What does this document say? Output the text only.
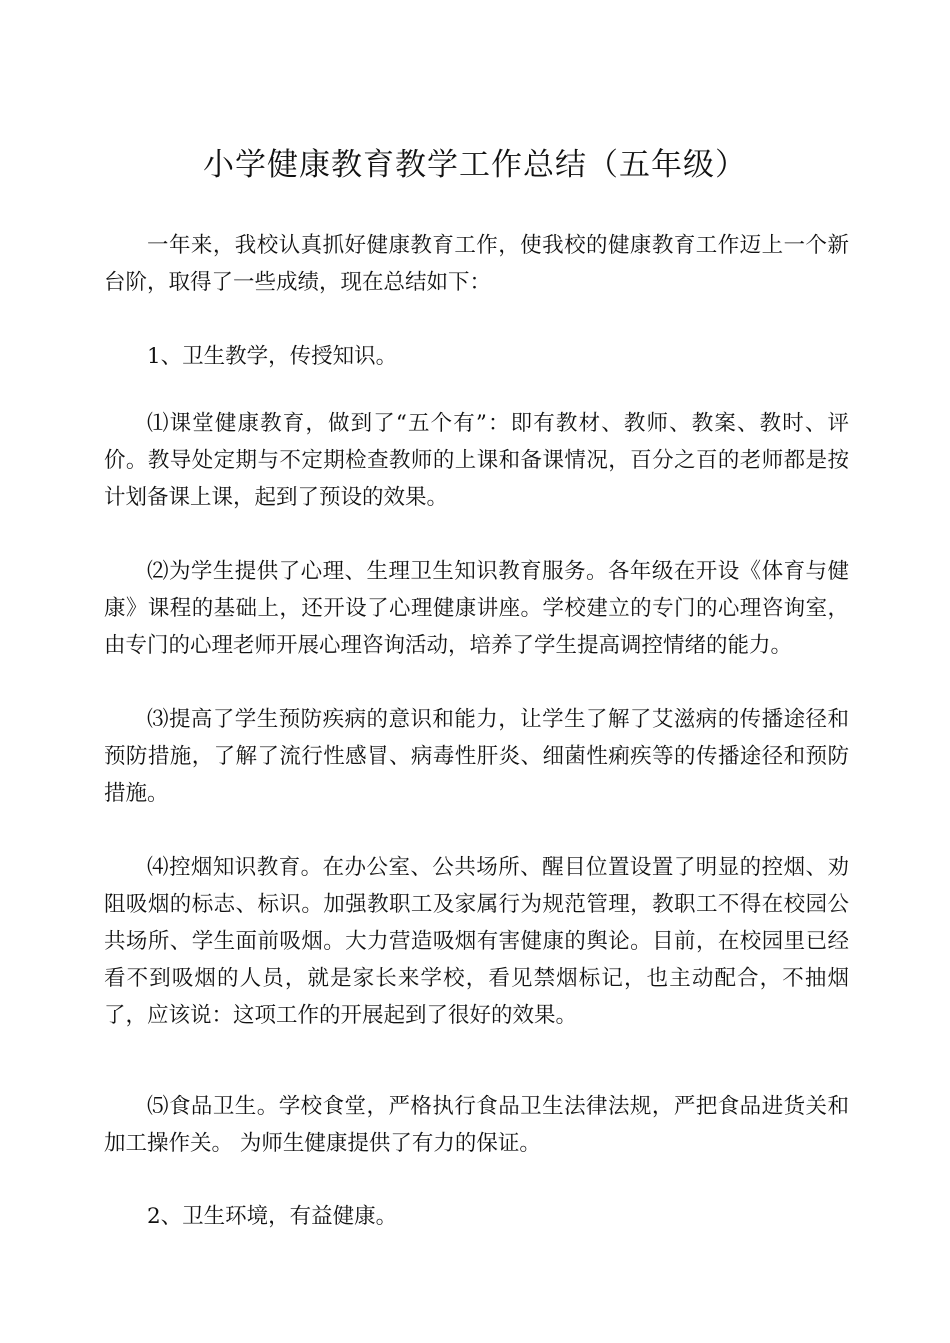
小学健康教育教学工作总结（五年级）

一年来，我校认真抓好健康教育工作，使我校的健康教育工作迈上一个新台阶，取得了一些成绩，现在总结如下：

1、卫生教学，传授知识。

⑴课堂健康教育，做到了“五个有”：即有教材、教师、教案、教时、评价。教导处定期与不定期检查教师的上课和备课情况，百分之百的老师都是按计划备课上课，起到了预设的效果。

⑵为学生提供了心理、生理卫生知识教育服务。各年级在开设《体育与健康》课程的基础上，还开设了心理健康讲座。学校建立的专门的心理咨询室，由专门的心理老师开展心理咨询活动，培养了学生提高调控情绪的能力。

⑶提高了学生预防疾病的意识和能力，让学生了解了艾滋病的传播途径和预防措施，了解了流行性感冒、病毒性肝炎、细菌性痢疾等的传播途径和预防措施。

⑷控烟知识教育。在办公室、公共场所、醒目位置设置了明显的控烟、劝阻吸烟的标志、标识。加强教职工及家属行为规范管理，教职工不得在校园公共场所、学生面前吸烟。大力营造吸烟有害健康的舆论。目前，在校园里已经看不到吸烟的人员，就是家长来学校，看见禁烟标记，也主动配合，不抽烟了，应该说：这项工作的开展起到了很好的效果。

⑸食品卫生。学校食堂，严格执行食品卫生法律法规，严把食品进货关和加工操作关。 为师生健康提供了有力的保证。

2、卫生环境，有益健康。
